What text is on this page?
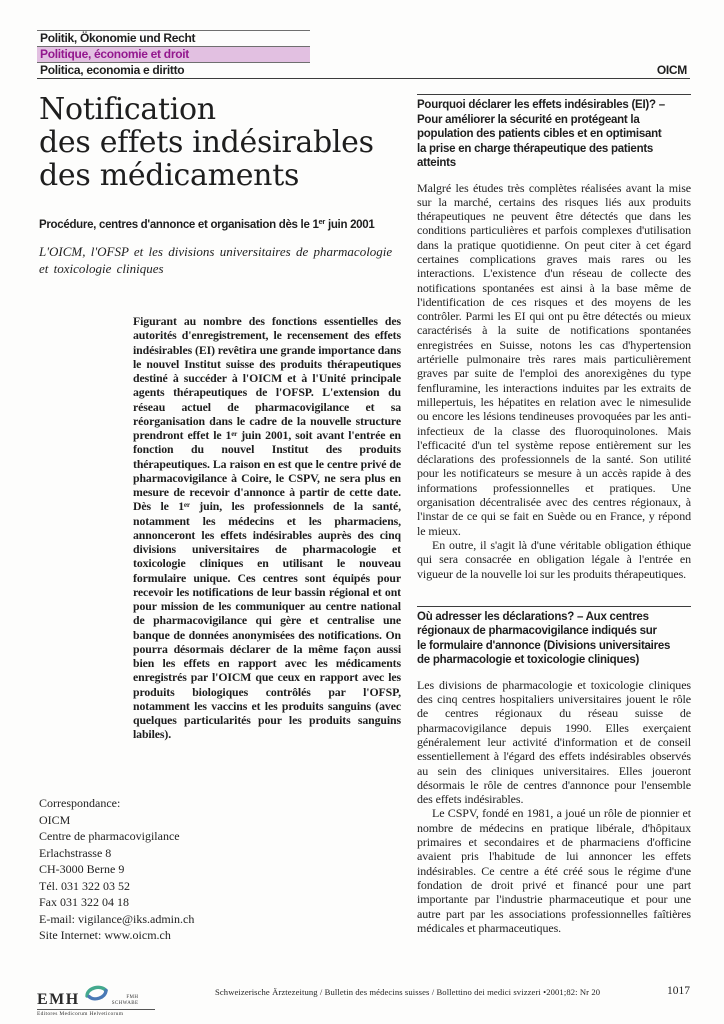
Politik, Ökonomie und Recht
Politique, économie et droit
Politica, economia e diritto	OICM
Notification
des effets indésirables
des médicaments
Procédure, centres d'annonce et organisation dès le 1er juin 2001
L'OICM, l'OFSP et les divisions universitaires de pharmacologie
et toxicologie cliniques
Figurant au nombre des fonctions essentielles des autorités d'enregistrement, le recensement des effets indésirables (EI) revêtira une grande importance dans le nouvel Institut suisse des produits thérapeutiques destiné à succéder à l'OICM et à l'Unité principale agents thérapeutiques de l'OFSP. L'extension du réseau actuel de pharmacovigilance et sa réorganisation dans le cadre de la nouvelle structure prendront effet le 1ᵉʳ juin 2001, soit avant l'entrée en fonction du nouvel Institut des produits thérapeutiques. La raison en est que le centre privé de pharmacovigilance à Coire, le CSPV, ne sera plus en mesure de recevoir d'annonce à partir de cette date. Dès le 1ᵉʳ juin, les professionnels de la santé, notamment les médecins et les pharmaciens, annonceront les effets indésirables auprès des cinq divisions universitaires de pharmacologie et toxicologie cliniques en utilisant le nouveau formulaire unique. Ces centres sont équipés pour recevoir les notifications de leur bassin régional et ont pour mission de les communiquer au centre national de pharmacovigilance qui gère et centralise une banque de données anonymisées des notifications. On pourra désormais déclarer de la même façon aussi bien les effets en rapport avec les médicaments enregistrés par l'OICM que ceux en rapport avec les produits biologiques contrôlés par l'OFSP, notamment les vaccins et les produits sanguins (avec quelques particularités pour les produits sanguins labiles).
Correspondance:
OICM
Centre de pharmacovigilance
Erlachstrasse 8
CH-3000 Berne 9
Tél. 031 322 03 52
Fax 031 322 04 18
E-mail: vigilance@iks.admin.ch
Site Internet: www.oicm.ch
Pourquoi déclarer les effets indésirables (EI)? –
Pour améliorer la sécurité en protégeant la
population des patients cibles et en optimisant
la prise en charge thérapeutique des patients
atteints

Malgré les études très complètes réalisées avant la mise sur la marché, certains des risques liés aux produits thérapeutiques ne peuvent être détectés que dans les conditions particulières et parfois complexes d'utilisation dans la pratique quotidienne. On peut citer à cet égard certaines complications graves mais rares ou les interactions. L'existence d'un réseau de collecte des notifications spontanées est ainsi à la base même de l'identification de ces risques et des moyens de les contrôler. Parmi les EI qui ont pu être détectés ou mieux caractérisés à la suite de notifications spontanées enregistrées en Suisse, notons les cas d'hypertension artérielle pulmonaire très rares mais particulièrement graves par suite de l'emploi des anorexigènes du type fenfluramine, les interactions induites par les extraits de millepertuis, les hépatites en relation avec le nimesulide ou encore les lésions tendineuses provoquées par les anti-infectieux de la classe des fluoroquinolones. Mais l'efficacité d'un tel système repose entièrement sur les déclarations des professionnels de la santé. Son utilité pour les notificateurs se mesure à un accès rapide à des informations professionnelles et pratiques. Une organisation décentralisée avec des centres régionaux, à l'instar de ce qui se fait en Suède ou en France, y répond le mieux.

En outre, il s'agit là d'une véritable obligation éthique qui sera consacrée en obligation légale à l'entrée en vigueur de la nouvelle loi sur les produits thérapeutiques.

Où adresser les déclarations? – Aux centres
régionaux de pharmacovigilance indiqués sur
le formulaire d'annonce (Divisions universitaires
de pharmacologie et toxicologie cliniques)

Les divisions de pharmacologie et toxicologie cliniques des cinq centres hospitaliers universitaires jouent le rôle de centres régionaux du réseau suisse de pharmacovigilance depuis 1990. Elles exerçaient généralement leur activité d'information et de conseil essentiellement à l'égard des effets indésirables observés au sein des cliniques universitaires. Elles joueront désormais le rôle de centres d'annonce pour l'ensemble des effets indésirables.

Le CSPV, fondé en 1981, a joué un rôle de pionnier et nombre de médecins en pratique libérale, d'hôpitaux primaires et secondaires et de pharmaciens d'officine avaient pris l'habitude de lui annoncer les effets indésirables. Ce centre a été créé sous le régime d'une fondation de droit privé et financé pour une part importante par l'industrie pharmaceutique et pour une autre part par les associations professionnelles faîtières médicales et pharmaceutiques.

EMH	FMH
SCHWABE
Editores Medicorum Helveticorum
Schweizerische Ärztezeitung / Bulletin des médecins suisses / Bollettino dei medici svizzeri •2001;82: Nr 20	1017
